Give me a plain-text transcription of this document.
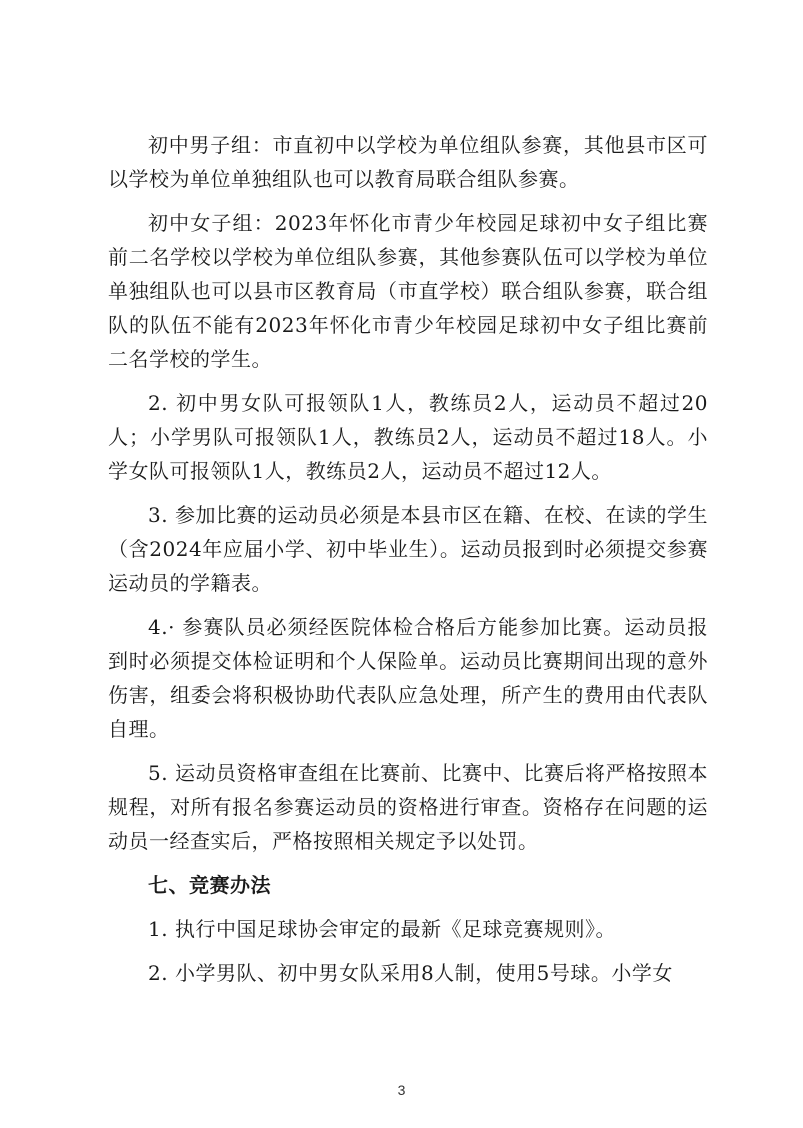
初中男子组：市直初中以学校为单位组队参赛，其他县市区可以学校为单位单独组队也可以教育局联合组队参赛。

初中女子组：2023年怀化市青少年校园足球初中女子组比赛前二名学校以学校为单位组队参赛，其他参赛队伍可以学校为单位单独组队也可以县市区教育局（市直学校）联合组队参赛，联合组队的队伍不能有2023年怀化市青少年校园足球初中女子组比赛前二名学校的学生。

2. 初中男女队可报领队1人，教练员2人，运动员不超过20人；小学男队可报领队1人，教练员2人，运动员不超过18人。小学女队可报领队1人，教练员2人，运动员不超过12人。

3. 参加比赛的运动员必须是本县市区在籍、在校、在读的学生（含2024年应届小学、初中毕业生）。运动员报到时必须提交参赛运动员的学籍表。

4.· 参赛队员必须经医院体检合格后方能参加比赛。运动员报到时必须提交体检证明和个人保险单。运动员比赛期间出现的意外伤害，组委会将积极协助代表队应急处理，所产生的费用由代表队自理。

5. 运动员资格审查组在比赛前、比赛中、比赛后将严格按照本规程，对所有报名参赛运动员的资格进行审查。资格存在问题的运动员一经查实后，严格按照相关规定予以处罚。

七、竞赛办法

1. 执行中国足球协会审定的最新《足球竞赛规则》。

2. 小学男队、初中男女队采用8人制，使用5号球。小学女

3
